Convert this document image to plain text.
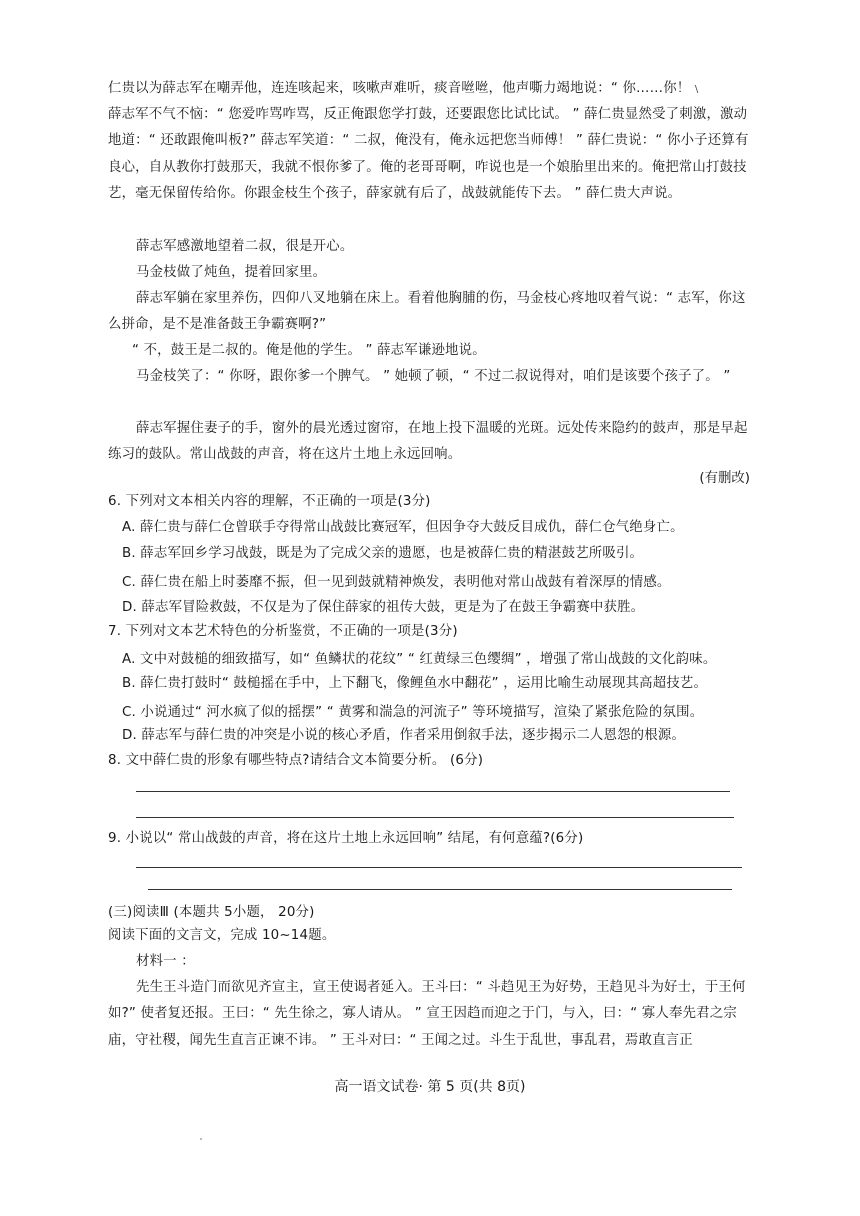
仁贵以为薛志军在嘲弄他，连连咳起来，咳嗽声难听，痰音咝咝，他声嘶力竭地说：“ 你……你！ \

薛志军不气不恼：“ 您爱咋骂咋骂，反正俺跟您学打鼓，还要跟您比试比试。 ” 薛仁贵显然受了刺激，激动地道：“ 还敢跟俺叫板?” 薛志军笑道：“ 二叔，俺没有，俺永远把您当师傅！ ” 薛仁贵说：“ 你小子还算有良心，自从教你打鼓那天，我就不恨你爹了。俺的老哥哥啊，咋说也是一个娘胎里出来的。俺把常山打鼓技艺，毫无保留传给你。你跟金枝生个孩子，薛家就有后了，战鼓就能传下去。 ” 薛仁贵大声说。

薛志军感激地望着二叔，很是开心。

马金枝做了炖鱼，提着回家里。

薛志军躺在家里养伤，四仰八叉地躺在床上。看着他胸脯的伤，马金枝心疼地叹着气说：“ 志军，你这么拼命，是不是准备鼓王争霸赛啊?”

“ 不，鼓王是二叔的。俺是他的学生。 ” 薛志军谦逊地说。

马金枝笑了：“ 你呀，跟你爹一个脾气。 ” 她顿了顿，“ 不过二叔说得对，咱们是该要个孩子了。 ”

薛志军握住妻子的手，窗外的晨光透过窗帘，在地上投下温暖的光斑。远处传来隐约的鼓声，那是早起练习的鼓队。常山战鼓的声音，将在这片土地上永远回响。

(有删改)
6. 下列对文本相关内容的理解，不正确的一项是(3分)
A. 薛仁贵与薛仁仓曾联手夺得常山战鼓比赛冠军，但因争夺大鼓反目成仇，薛仁仓气绝身亡。
B. 薛志军回乡学习战鼓，既是为了完成父亲的遗愿，也是被薛仁贵的精湛鼓艺所吸引。
C. 薛仁贵在船上时萎靡不振，但一见到鼓就精神焕发，表明他对常山战鼓有着深厚的情感。
D. 薛志军冒险救鼓，不仅是为了保住薛家的祖传大鼓，更是为了在鼓王争霸赛中获胜。
7. 下列对文本艺术特色的分析鉴赏，不正确的一项是(3分)
A. 文中对鼓槌的细致描写，如“ 鱼鳞状的花纹” “ 红黄绿三色缨绸” ，增强了常山战鼓的文化韵味。
B. 薛仁贵打鼓时“ 鼓槌摇在手中，上下翻飞，像鲤鱼水中翻花” ，运用比喻生动展现其高超技艺。
C. 小说通过“ 河水疯了似的摇摆” “ 黄雾和湍急的河流子” 等环境描写，渲染了紧张危险的氛围。
D. 薛志军与薛仁贵的冲突是小说的核心矛盾，作者采用倒叙手法，逐步揭示二人恩怨的根源。
8. 文中薛仁贵的形象有哪些特点?请结合文本简要分析。 (6分)
9. 小说以“ 常山战鼓的声音，将在这片土地上永远回响” 结尾，有何意蕴?(6分)
(三)阅读Ⅲ (本题共 5小题， 20分)
阅读下面的文言文，完成 10~14题。
材料一 ：

先生王斗造门而欲见齐宣主，宣王使谒者延入。王斗曰：“ 斗趋见王为好势，王趋见斗为好士，于王何如?” 使者复还报。王曰：“ 先生徐之，寡人请从。 ” 宣王因趋而迎之于门，与入，曰：“ 寡人奉先君之宗庙，守社稷，闻先生直言正谏不讳。 ” 王斗对曰：“ 王闻之过。斗生于乱世，事乱君，焉敢直言正

高一语文试卷· 第 5 页(共 8页)
